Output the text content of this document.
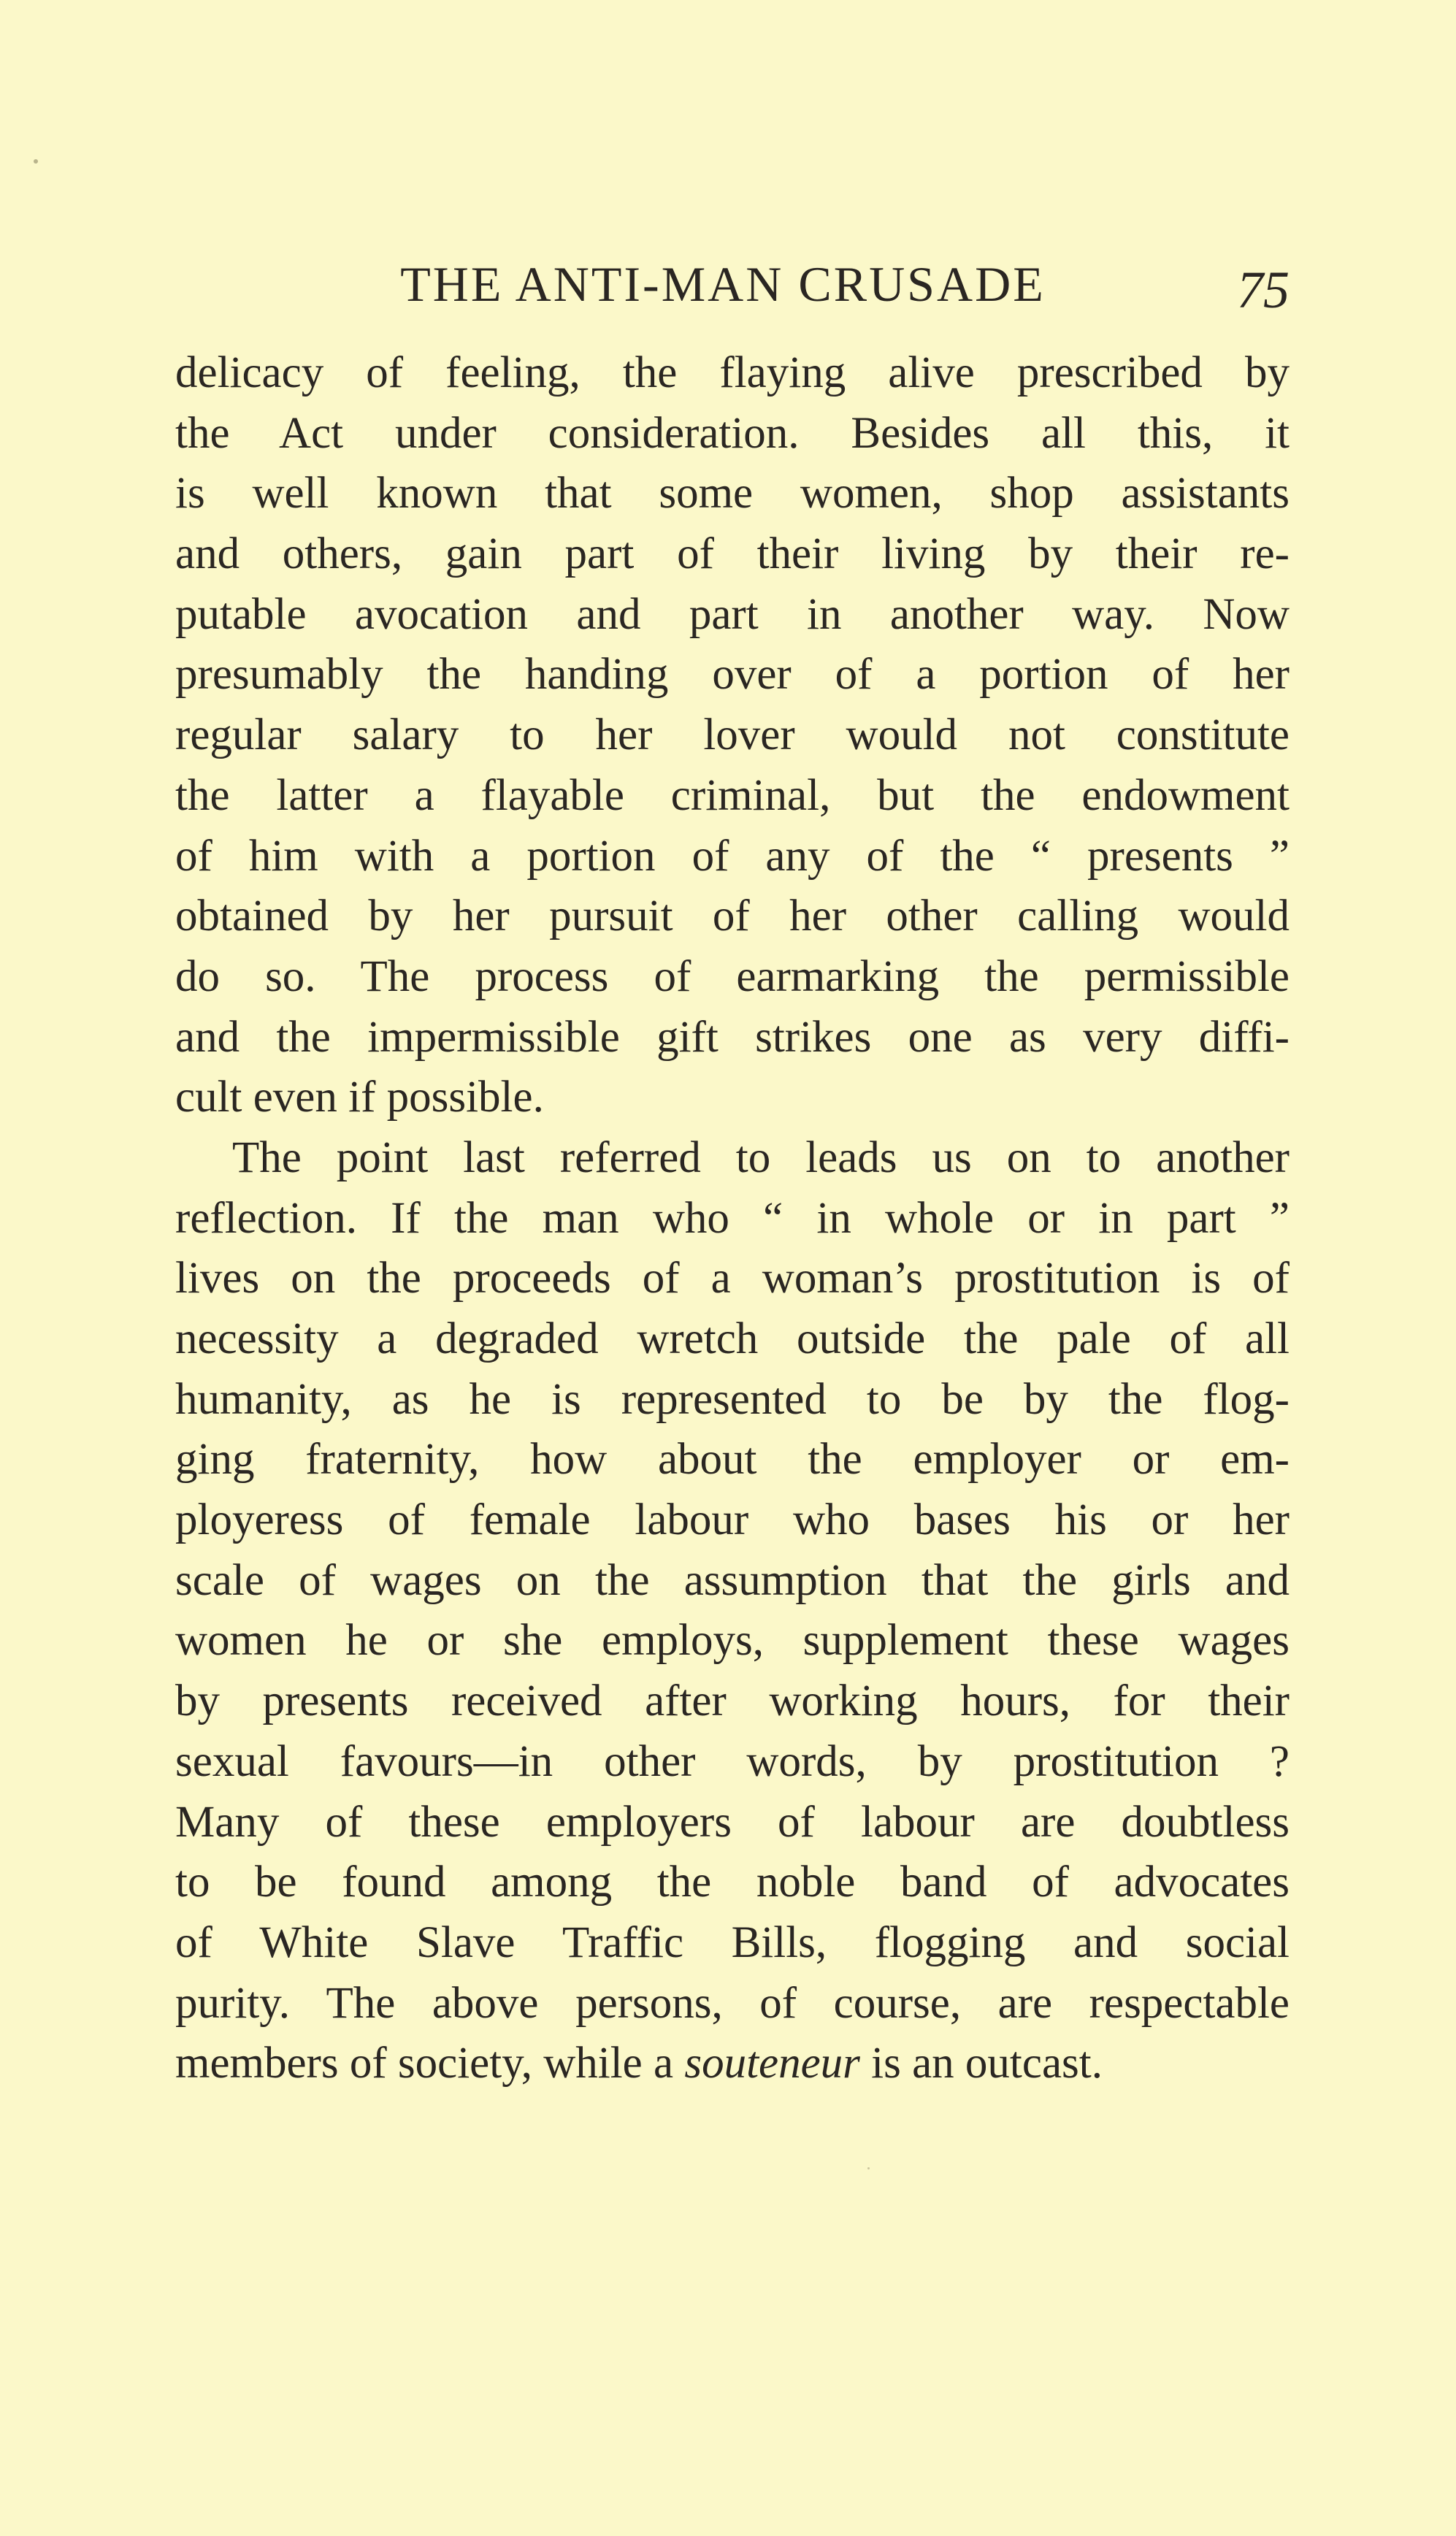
THE ANTI-MAN CRUSADE	75
delicacy of feeling, the flaying alive prescribed by
the Act under consideration. Besides all this, it
is well known that some women, shop assistants
and others, gain part of their living by their re-
putable avocation and part in another way. Now
presumably the handing over of a portion of her
regular salary to her lover would not constitute
the latter a flayable criminal, but the endowment
of him with a portion of any of the “ presents ”
obtained by her pursuit of her other calling would
do so. The process of earmarking the permissible
and the impermissible gift strikes one as very diffi-
cult even if possible.
The point last referred to leads us on to another
reflection. If the man who “ in whole or in part ”
lives on the proceeds of a woman’s prostitution is of
necessity a degraded wretch outside the pale of all
humanity, as he is represented to be by the flog-
ging fraternity, how about the employer or em-
ployeress of female labour who bases his or her
scale of wages on the assumption that the girls and
women he or she employs, supplement these wages
by presents received after working hours, for their
sexual favours—in other words, by prostitution ?
Many of these employers of labour are doubtless
to be found among the noble band of advocates
of White Slave Traffic Bills, flogging and social
purity. The above persons, of course, are respectable
members of society, while a souteneur is an outcast.
